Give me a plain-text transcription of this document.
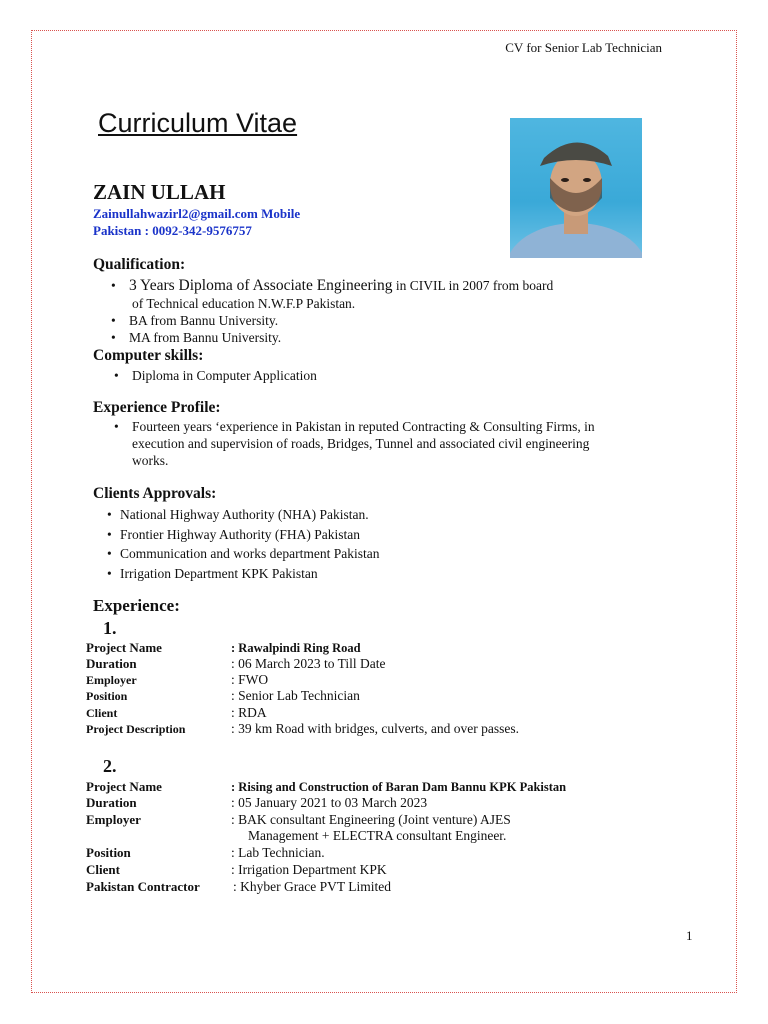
CV for Senior Lab Technician
Curriculum Vitae
ZAIN ULLAH
Zainullahwazirl2@gmail.com Mobile
Pakistan : 0092-342-9576757
Qualification:
• 3 Years Diploma of Associate Engineering in CIVIL in 2007 from board
of Technical education N.W.F.P Pakistan.
• BA from Bannu University.
• MA from Bannu University.
Computer skills:
• Diploma in Computer Application
Experience Profile:
• Fourteen years ‘experience in Pakistan in reputed Contracting & Consulting Firms, in
execution and supervision of roads, Bridges, Tunnel and associated civil engineering
works.
Clients Approvals:
• National Highway Authority (NHA) Pakistan.
• Frontier Highway Authority (FHA) Pakistan
• Communication and works department Pakistan
• Irrigation Department KPK Pakistan
Experience:
1.
Project Name	: Rawalpindi Ring Road
Duration	: 06 March 2023 to Till Date
Employer	: FWO
Position	: Senior Lab Technician
Client	: RDA
Project Description	: 39 km Road with bridges, culverts, and over passes.
2.
Project Name	: Rising and Construction of Baran Dam Bannu KPK Pakistan
Duration	: 05 January 2021 to 03 March 2023
Employer	: BAK consultant Engineering (Joint venture) AJES
Management + ELECTRA consultant Engineer.
Position	: Lab Technician.
Client	: Irrigation Department KPK
Pakistan Contractor : Khyber Grace PVT Limited
1
